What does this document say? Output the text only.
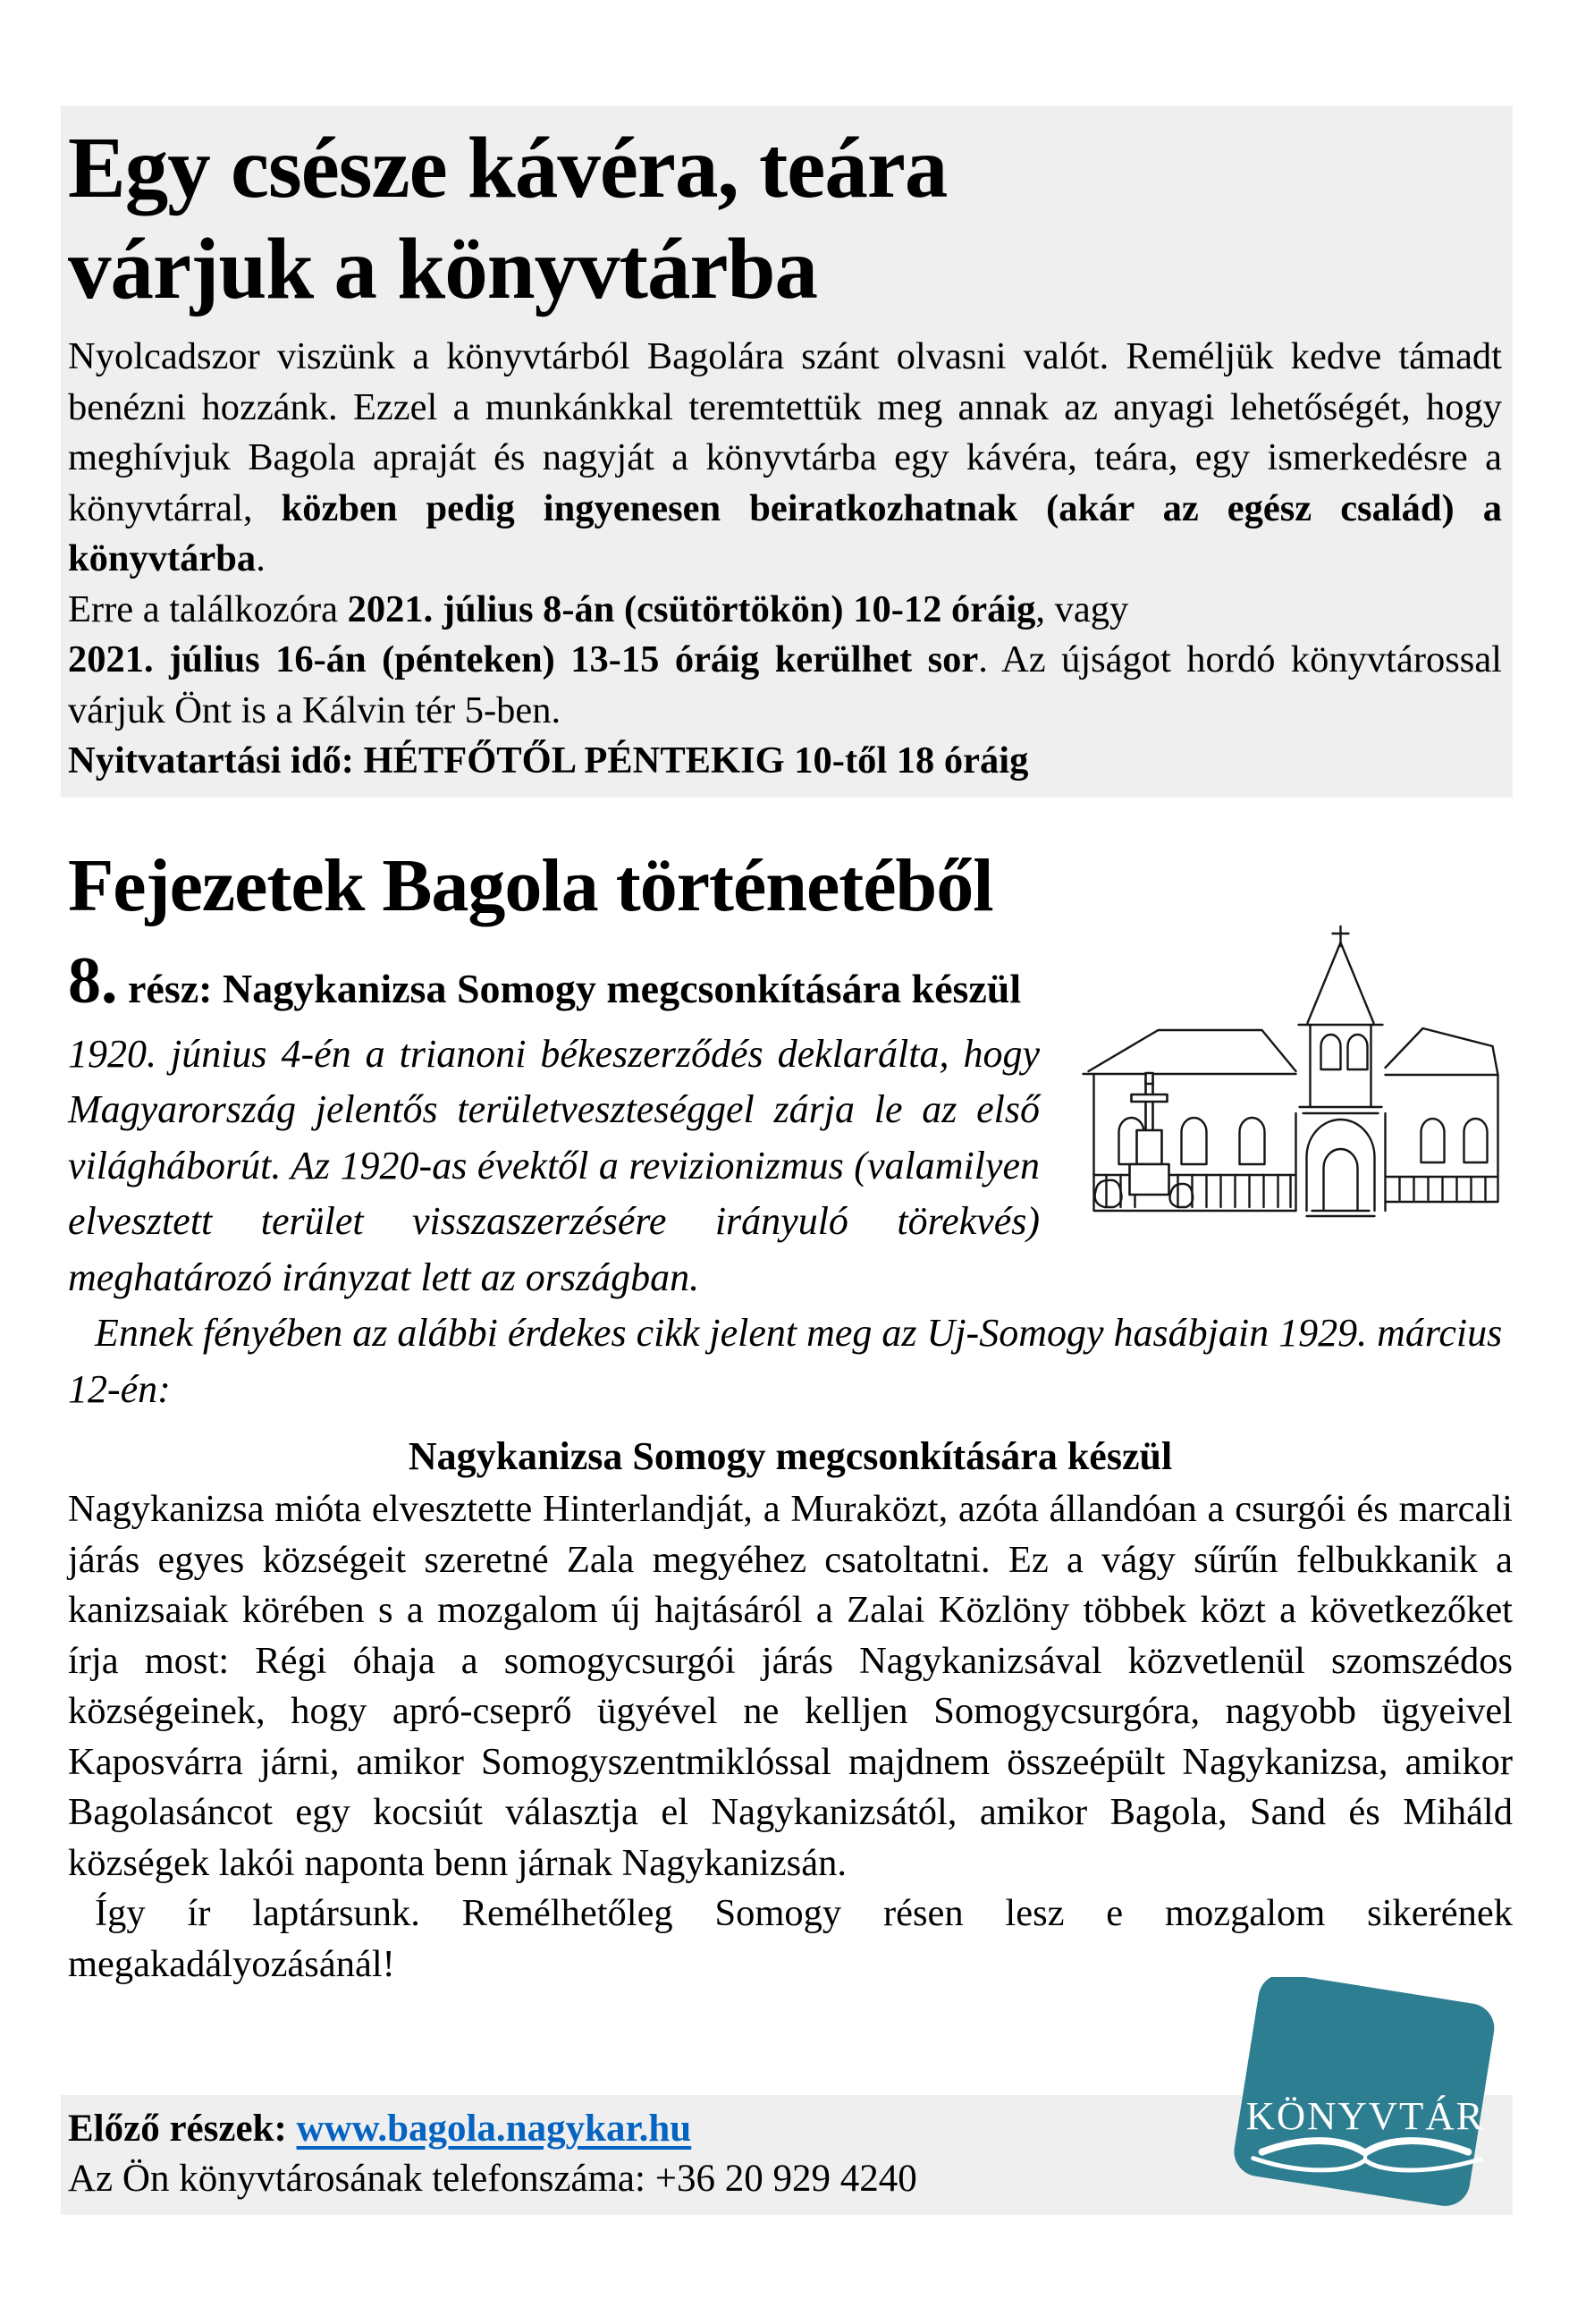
Egy csésze kávéra, teára
várjuk a könyvtárba

Nyolcadszor viszünk a könyvtárból Bagolára szánt olvasni valót. Reméljük kedve támadt benézni hozzánk. Ezzel a munkánkkal teremtettük meg annak az anyagi lehetőségét, hogy meghívjuk Bagola apraját és nagyját a könyvtárba egy kávéra, teára, egy ismerkedésre a könyvtárral, közben pedig ingyenesen beiratkozhatnak (akár az egész család) a könyvtárba.

Erre a találkozóra 2021. július 8-án (csütörtökön) 10-12 óráig, vagy

2021. július 16-án (pénteken) 13-15 óráig kerülhet sor. Az újságot hordó könyvtárossal várjuk Önt is a Kálvin tér 5-ben.

Nyitvatartási idő: HÉTFŐTŐL PÉNTEKIG 10-től 18 óráig

Fejezetek Bagola történetéből

8. rész: Nagykanizsa Somogy megcsonkítására készül

1920. június 4-én a trianoni békeszerződés deklarálta, hogy Magyarország jelentős területveszteséggel zárja le az első világháborút. Az 1920-as évektől a revizionizmus (valamilyen elvesztett terület visszaszerzésére irányuló törekvés) meghatározó irányzat lett az országban.

Ennek fényében az alábbi érdekes cikk jelent meg az Uj-Somogy hasábjain 1929. március 12-én:

Nagykanizsa Somogy megcsonkítására készül

Nagykanizsa mióta elvesztette Hinterlandját, a Muraközt, azóta állandóan a csurgói és marcali járás egyes községeit szeretné Zala megyéhez csatoltatni. Ez a vágy sűrűn felbukkanik a kanizsaiak körében s a mozgalom új hajtásáról a Zalai Közlöny többek közt a következőket írja most: Régi óhaja a somogycsurgói járás Nagykanizsával közvetlenül szomszédos községeinek, hogy apró-cseprő ügyével ne kelljen Somogycsurgóra, nagyobb ügyeivel Kaposvárra járni, amikor Somogyszentmiklóssal majdnem összeépült Nagykanizsa, amikor Bagolasáncot egy kocsiút választja el Nagykanizsától, amikor Bagola, Sand és Miháld községek lakói naponta benn járnak Nagykanizsán.

Így ír laptársunk. Remélhetőleg Somogy résen lesz e mozgalom sikerének megakadályozásánál!

Előző részek: www.bagola.nagykar.hu

Az Ön könyvtárosának telefonszáma: +36 20 929 4240

KÖNYVTÁR
